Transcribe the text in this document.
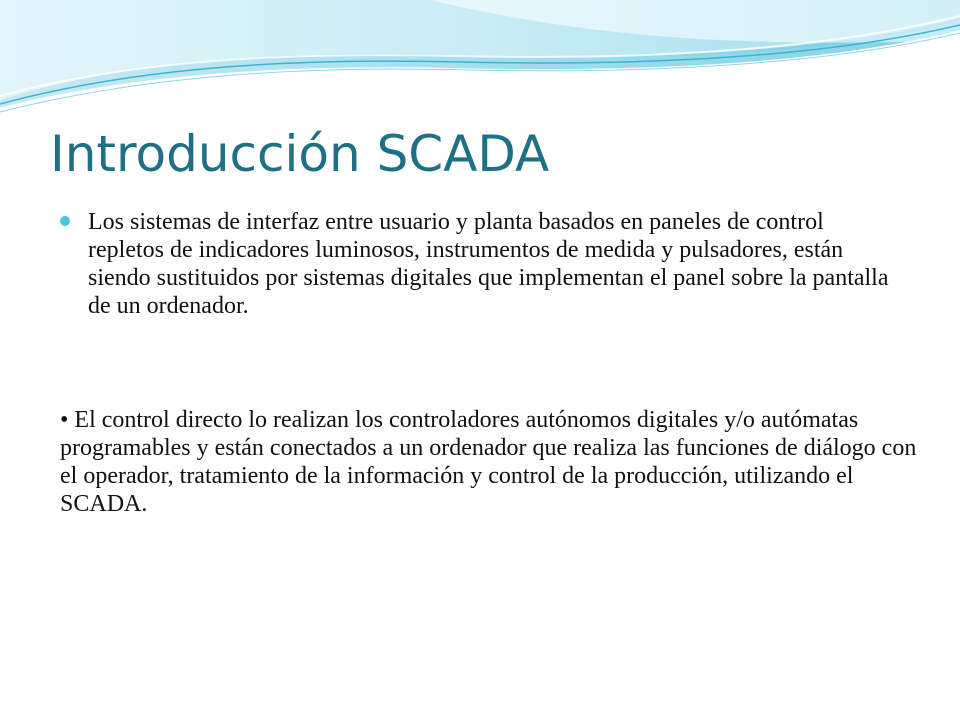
Introducción SCADA
Los sistemas de interfaz entre usuario y planta basados en paneles de control repletos de indicadores luminosos, instrumentos de medida y pulsadores, están siendo sustituidos por sistemas digitales que implementan el panel sobre la pantalla de un ordenador.

• El control directo lo realizan los controladores autónomos digitales y/o autómatas programables y están conectados a un ordenador que realiza las funciones de diálogo con el operador, tratamiento de la información y control de la producción, utilizando el SCADA.
